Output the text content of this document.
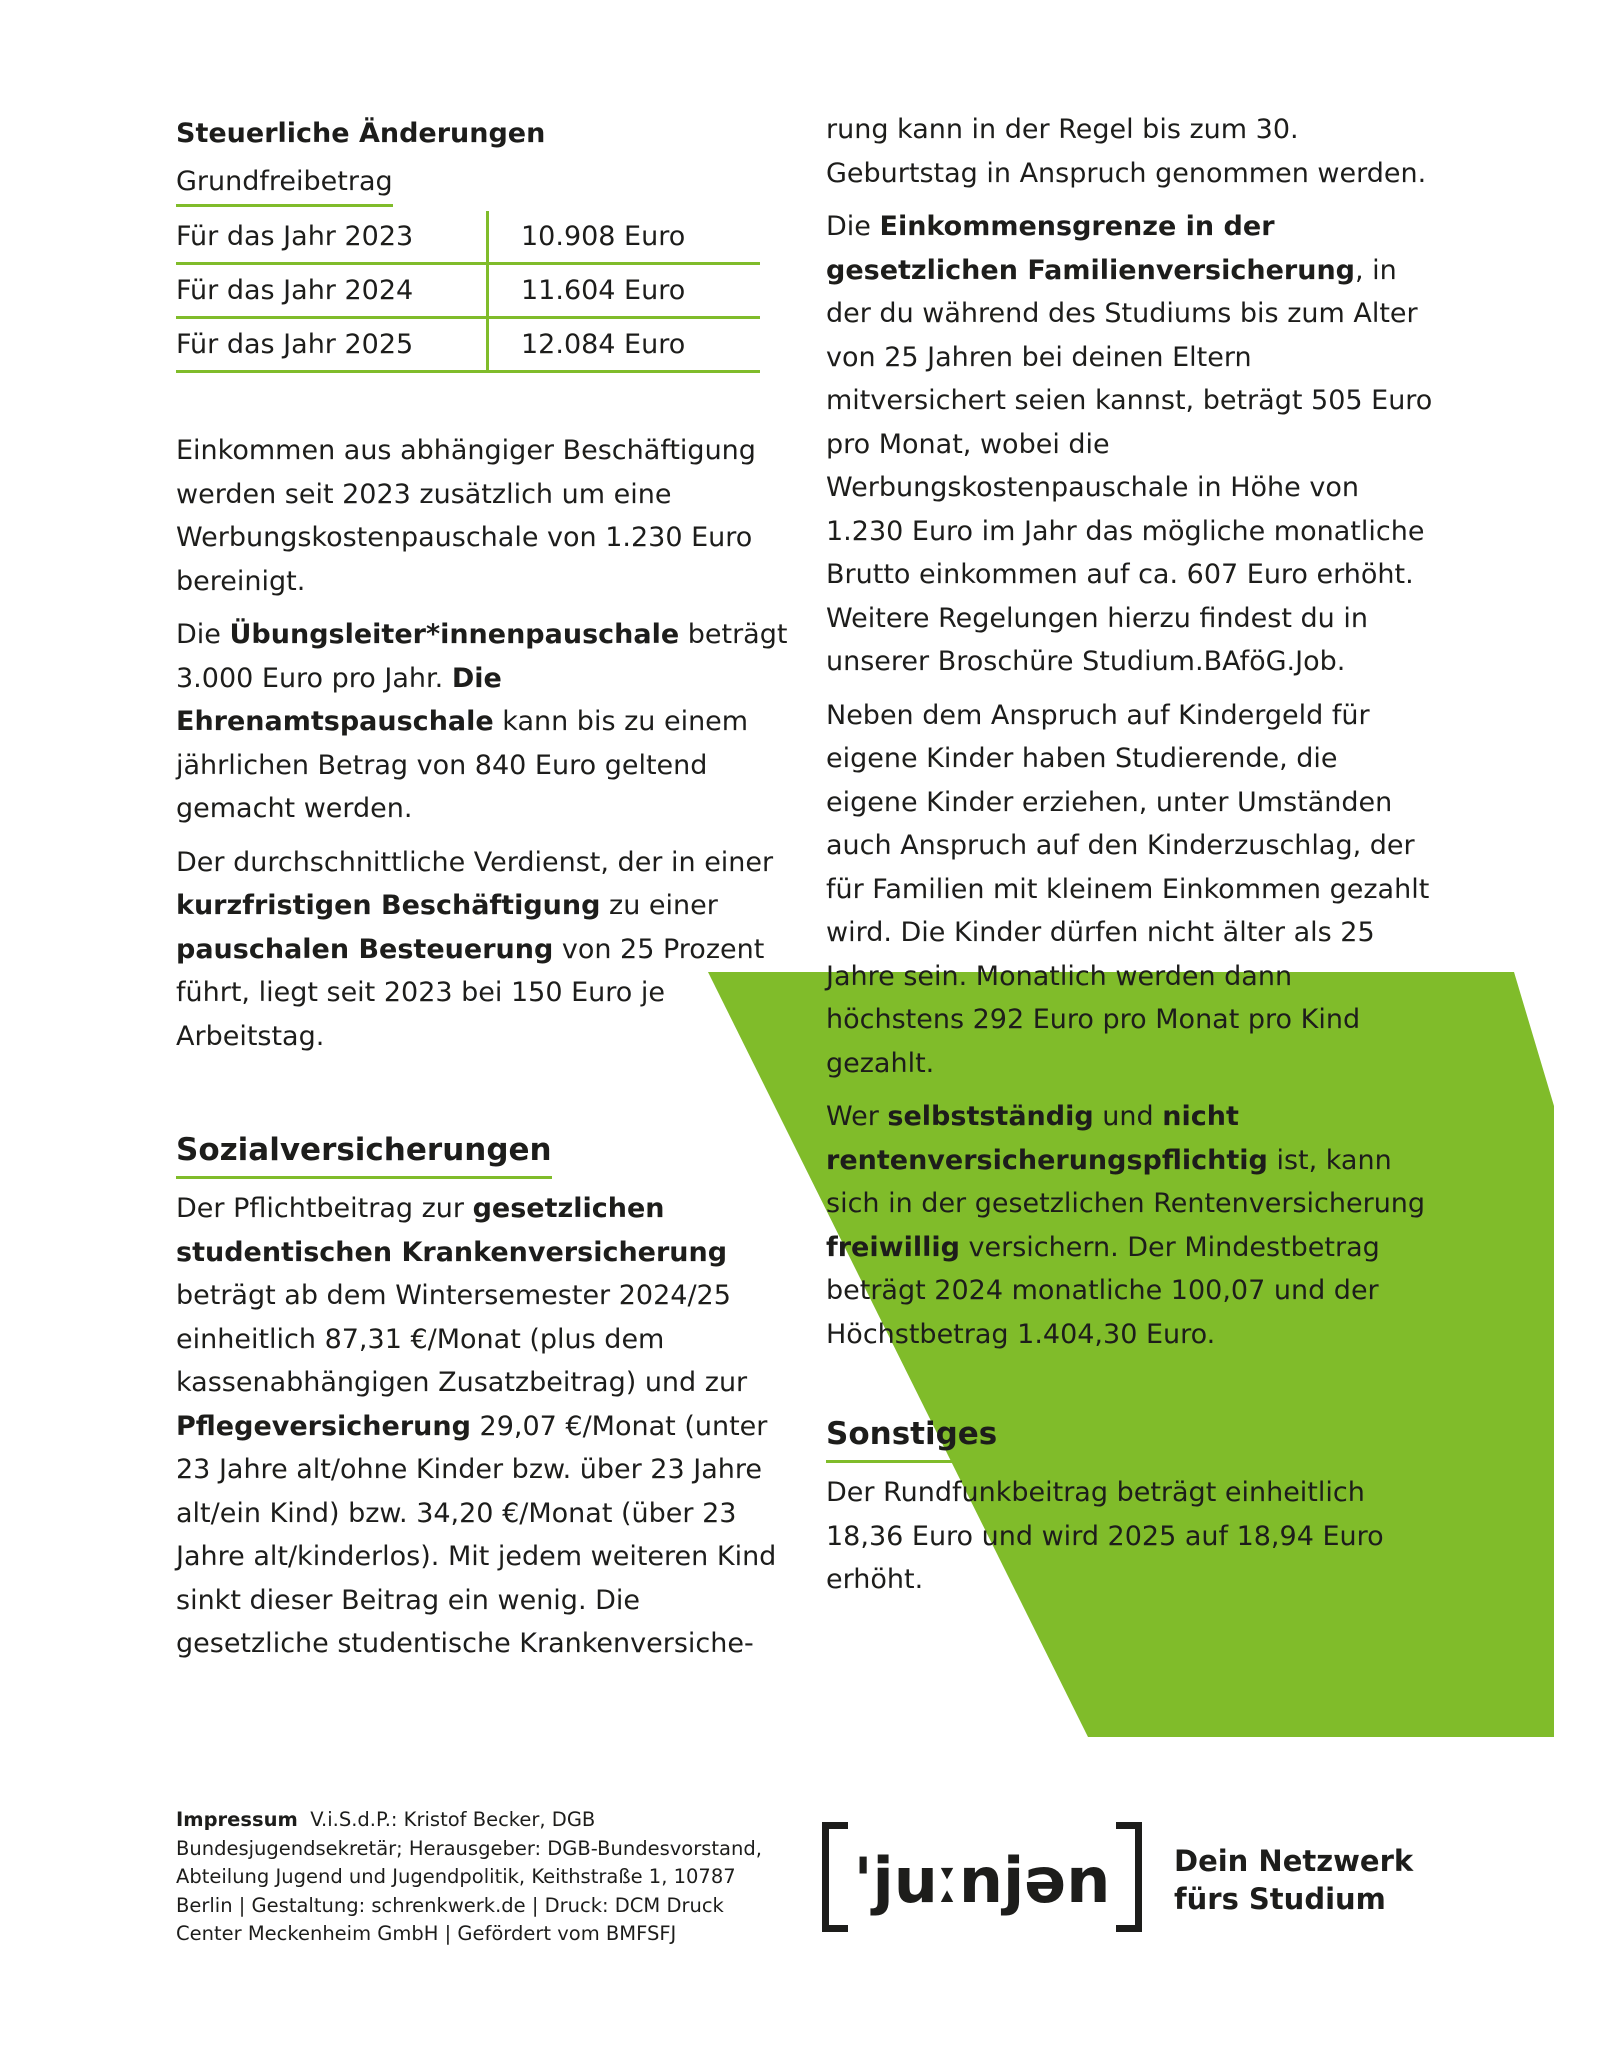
Steuerliche Änderungen
Grundfreibetrag
Für das Jahr 2023	10.908 Euro
Für das Jahr 2024	11.604 Euro
Für das Jahr 2025	12.084 Euro

Einkommen aus abhängiger Beschäftigung werden seit 2023 zusätzlich um eine Werbungskostenpauschale von 1.230 Euro bereinigt.

Die Übungsleiter*innenpauschale beträgt 3.000 Euro pro Jahr. Die Ehrenamtspauschale kann bis zu einem jährlichen Betrag von 840 Euro geltend gemacht werden.

Der durchschnittliche Verdienst, der in einer kurzfristigen Beschäftigung zu einer pauschalen Besteuerung von 25 Prozent führt, liegt seit 2023 bei 150 Euro je Arbeitstag.

Sozialversicherungen

Der Pflichtbeitrag zur gesetzlichen studentischen Krankenversicherung beträgt ab dem Wintersemester 2024/25 einheitlich 87,31 €/Monat (plus dem kassenabhängigen Zusatzbeitrag) und zur Pflegeversicherung 29,07 €/Monat (unter 23 Jahre alt/ohne Kinder bzw. über 23 Jahre alt/ein Kind) bzw. 34,20 €/Monat (über 23 Jahre alt/kinderlos). Mit jedem weiteren Kind sinkt dieser Beitrag ein wenig. Die gesetzliche studentische Krankenversiche-

rung kann in der Regel bis zum 30. Geburtstag in Anspruch genommen werden.

Die Einkommensgrenze in der gesetzlichen Familienversicherung, in der du während des Studiums bis zum Alter von 25 Jahren bei deinen Eltern mitversichert seien kannst, beträgt 505 Euro pro Monat, wobei die Werbungskostenpauschale in Höhe von 1.230 Euro im Jahr das mögliche monatliche Brutto einkommen auf ca. 607 Euro erhöht. Weitere Regelungen hierzu findest du in unserer Broschüre Studium.BAföG.Job.

Neben dem Anspruch auf Kindergeld für eigene Kinder haben Studierende, die eigene Kinder erziehen, unter Umständen auch Anspruch auf den Kinderzuschlag, der für Familien mit kleinem Einkommen gezahlt wird. Die Kinder dürfen nicht älter als 25 Jahre sein. Monatlich werden dann höchstens 292 Euro pro Monat pro Kind gezahlt.

Wer selbstständig und nicht rentenversicherungspflichtig ist, kann sich in der gesetzlichen Rentenversicherung freiwillig versichern. Der Mindestbetrag beträgt 2024 monatliche 100,07 und der Höchstbetrag 1.404,30 Euro.

Sonstiges

Der Rundfunkbeitrag beträgt einheitlich 18,36 Euro und wird 2025 auf 18,94 Euro erhöht.

Impressum V.i.S.d.P.: Kristof Becker, DGB Bundesjugendsekretär; Herausgeber: DGB-Bundesvorstand, Abteilung Jugend und Jugendpolitik, Keithstraße 1, 10787 Berlin | Gestaltung: schrenkwerk.de | Druck: DCM Druck Center Meckenheim GmbH | Gefördert vom BMFSFJ
'juːnjən	Dein Netzwerk
fürs Studium
